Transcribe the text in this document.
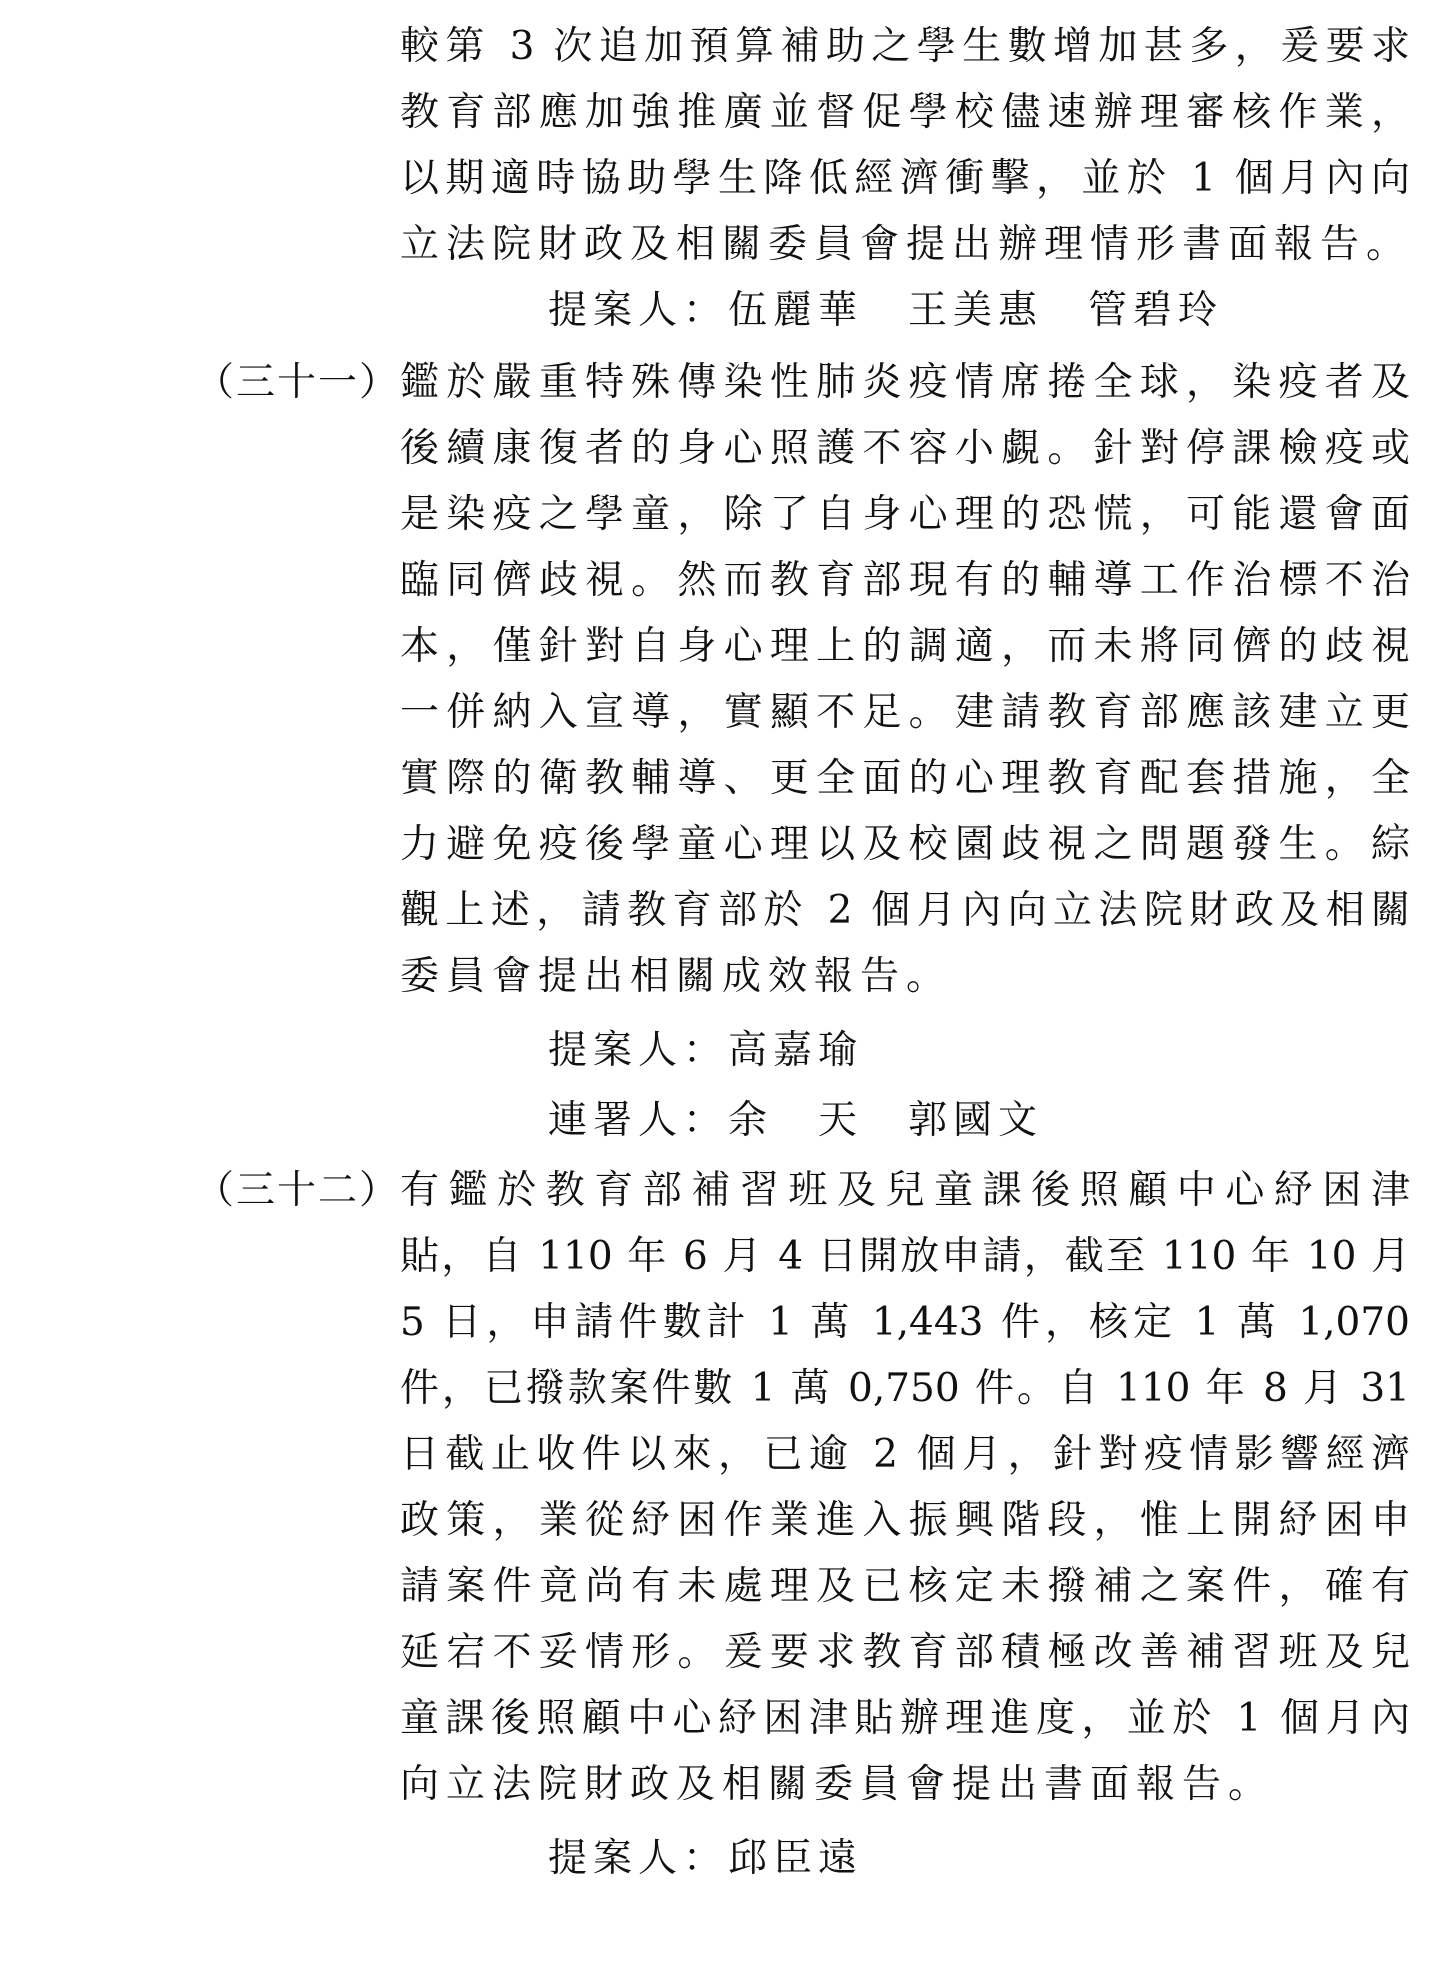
較第 3 次追加預算補助之學生數增加甚多，爰要求
教育部應加強推廣並督促學校儘速辦理審核作業，
以期適時協助學生降低經濟衝擊，並於 1 個月內向
立法院財政及相關委員會提出辦理情形書面報告。
提案人：伍麗華　王美惠　管碧玲
（三十一） 鑑於嚴重特殊傳染性肺炎疫情席捲全球，染疫者及
後續康復者的身心照護不容小覷。針對停課檢疫或
是染疫之學童，除了自身心理的恐慌，可能還會面
臨同儕歧視。然而教育部現有的輔導工作治標不治
本，僅針對自身心理上的調適，而未將同儕的歧視
一併納入宣導，實顯不足。建請教育部應該建立更
實際的衛教輔導、更全面的心理教育配套措施，全
力避免疫後學童心理以及校園歧視之問題發生。綜
觀上述，請教育部於 2 個月內向立法院財政及相關
委員會提出相關成效報告。
提案人：高嘉瑜
連署人：余　天　郭國文
（三十二） 有鑑於教育部補習班及兒童課後照顧中心紓困津
貼，自 110 年 6 月 4 日開放申請，截至 110 年 10 月
5 日，申請件數計 1 萬 1,443 件，核定 1 萬 1,070
件，已撥款案件數 1 萬 0,750 件。自 110 年 8 月 31
日截止收件以來，已逾 2 個月，針對疫情影響經濟
政策，業從紓困作業進入振興階段，惟上開紓困申
請案件竟尚有未處理及已核定未撥補之案件，確有
延宕不妥情形。爰要求教育部積極改善補習班及兒
童課後照顧中心紓困津貼辦理進度，並於 1 個月內
向立法院財政及相關委員會提出書面報告。
提案人：邱臣遠
